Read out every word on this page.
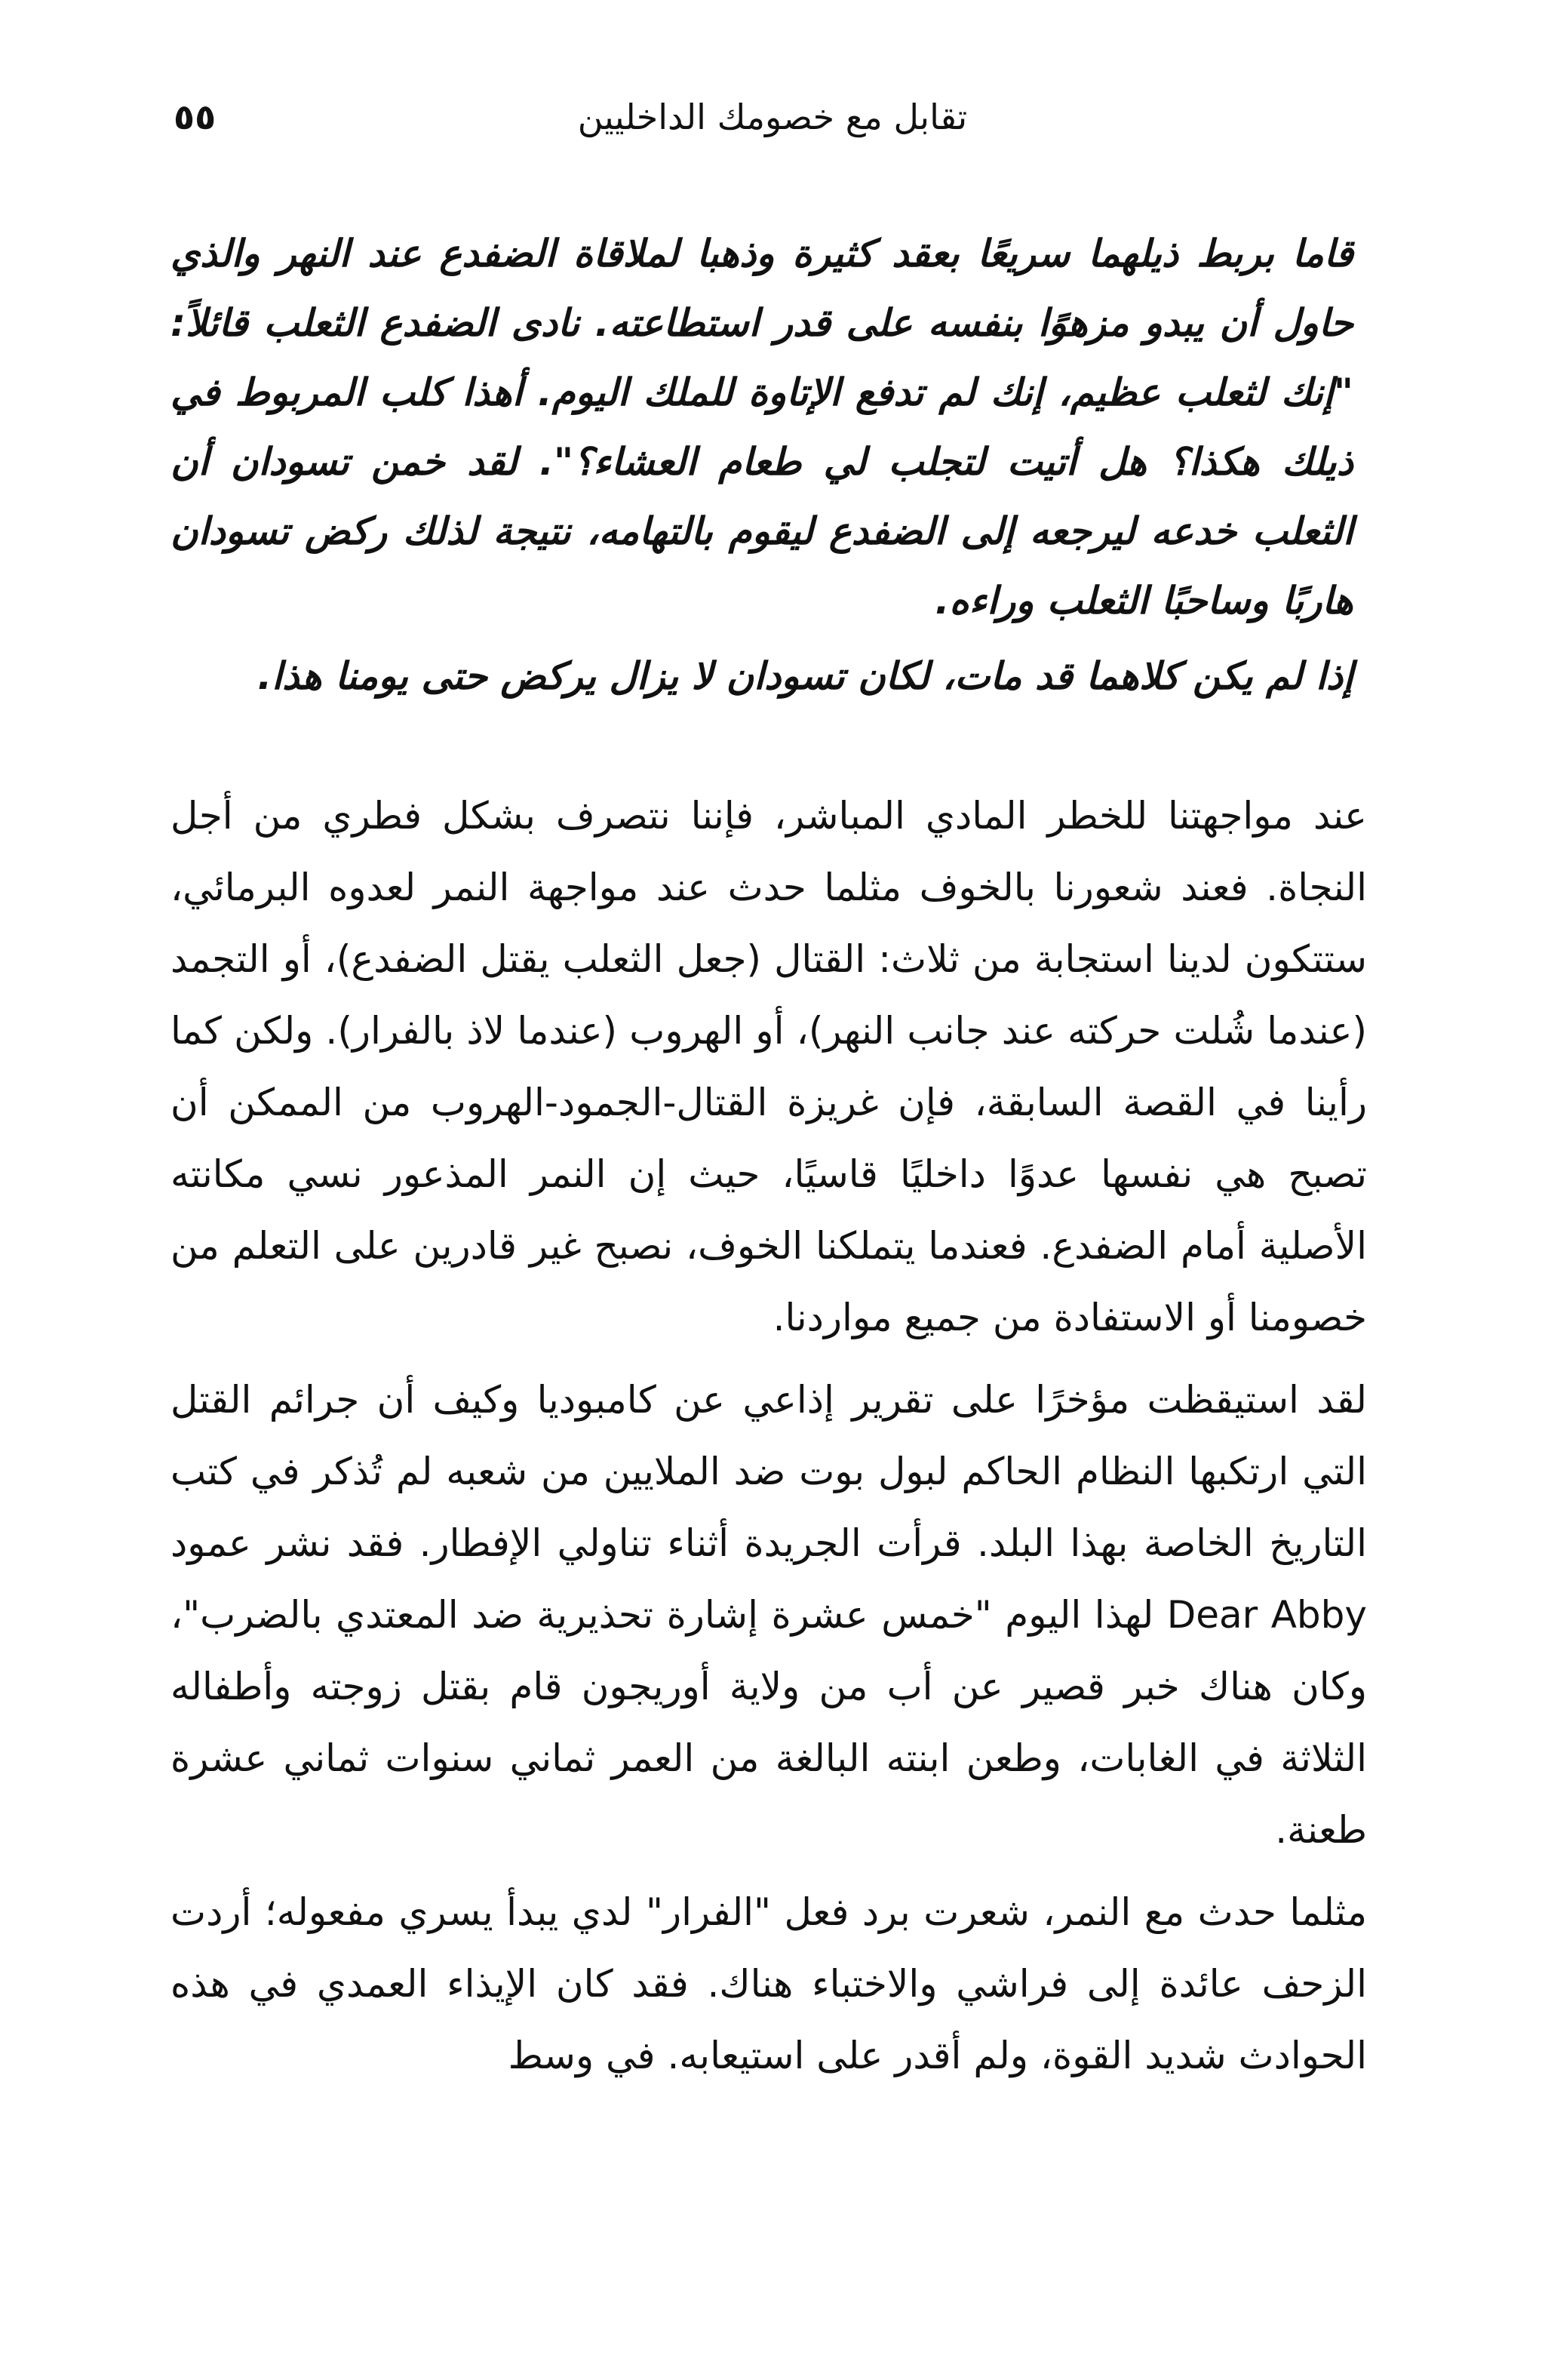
٥٥	تقابل مع خصومك الداخليين

قاما بربط ذيلهما سريعًا بعقد كثيرة وذهبا لملاقاة الضفدع عند النهر والذي حاول أن يبدو مزهوًا بنفسه على قدر استطاعته. نادى الضفدع الثعلب قائلاً: "إنك لثعلب عظيم، إنك لم تدفع الإتاوة للملك اليوم. أهذا كلب المربوط في ذيلك هكذا؟ هل أتيت لتجلب لي طعام العشاء؟". لقد خمن تسودان أن الثعلب خدعه ليرجعه إلى الضفدع ليقوم بالتهامه، نتيجة لذلك ركض تسودان هاربًا وساحبًا الثعلب وراءه.

إذا لم يكن كلاهما قد مات، لكان تسودان لا يزال يركض حتى يومنا هذا.

عند مواجهتنا للخطر المادي المباشر، فإننا نتصرف بشكل فطري من أجل النجاة. فعند شعورنا بالخوف مثلما حدث عند مواجهة النمر لعدوه البرمائي، ستتكون لدينا استجابة من ثلاث: القتال (جعل الثعلب يقتل الضفدع)، أو التجمد (عندما شُلت حركته عند جانب النهر)، أو الهروب (عندما لاذ بالفرار). ولكن كما رأينا في القصة السابقة، فإن غريزة القتال-الجمود-الهروب من الممكن أن تصبح هي نفسها عدوًا داخليًا قاسيًا، حيث إن النمر المذعور نسي مكانته الأصلية أمام الضفدع. فعندما يتملكنا الخوف، نصبح غير قادرين على التعلم من خصومنا أو الاستفادة من جميع مواردنا.

لقد استيقظت مؤخرًا على تقرير إذاعي عن كامبوديا وكيف أن جرائم القتل التي ارتكبها النظام الحاكم لبول بوت ضد الملايين من شعبه لم تُذكر في كتب التاريخ الخاصة بهذا البلد. قرأت الجريدة أثناء تناولي الإفطار. فقد نشر عمود Dear Abby لهذا اليوم "خمس عشرة إشارة تحذيرية ضد المعتدي بالضرب"، وكان هناك خبر قصير عن أب من ولاية أوريجون قام بقتل زوجته وأطفاله الثلاثة في الغابات، وطعن ابنته البالغة من العمر ثماني سنوات ثماني عشرة طعنة.

مثلما حدث مع النمر، شعرت برد فعل "الفرار" لدي يبدأ يسري مفعوله؛ أردت الزحف عائدة إلى فراشي والاختباء هناك. فقد كان الإيذاء العمدي في هذه الحوادث شديد القوة، ولم أقدر على استيعابه. في وسط
